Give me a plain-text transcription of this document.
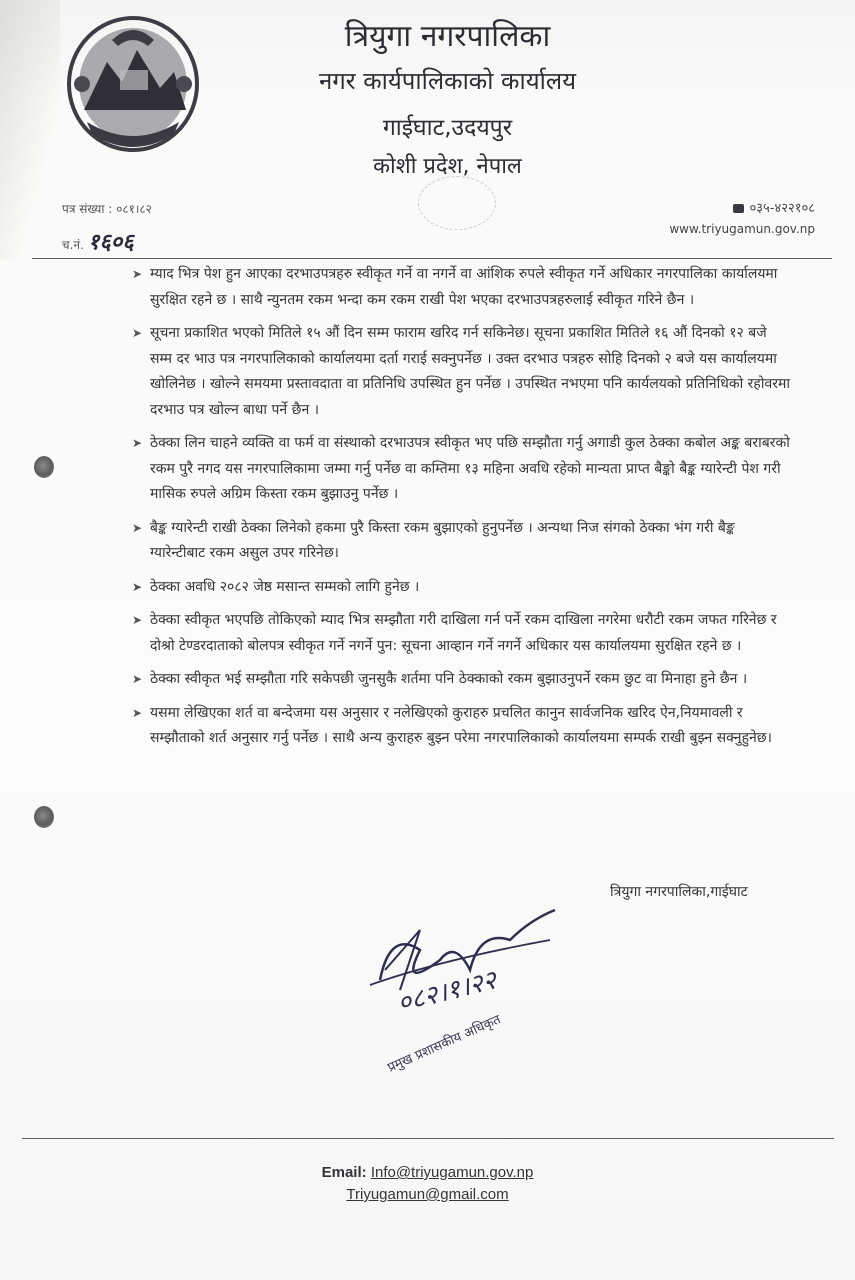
त्रियुगा नगरपालिका
नगर कार्यपालिकाको कार्यालय
गाईघाट,उदयपुर
कोशी प्रदेश, नेपाल
पत्र संख्या : ०८१।८२
च.नं. १६०६
०३५-४२२१०८
www.triyugamun.gov.np
➤ म्याद भित्र पेश हुन आएका दरभाउपत्रहरु स्वीकृत गर्ने वा नगर्ने वा आंशिक रुपले स्वीकृत गर्ने अधिकार नगरपालिका कार्यालयमा सुरक्षित रहने छ । साथै न्युनतम रकम भन्दा कम रकम राखी पेश भएका दरभाउपत्रहरुलाई स्वीकृत गरिने छैन ।
➤ सूचना प्रकाशित भएको मितिले १५ औं दिन सम्म फाराम खरिद गर्न सकिनेछ। सूचना प्रकाशित मितिले १६ औं दिनको १२ बजे सम्म दर भाउ पत्र नगरपालिकाको कार्यालयमा दर्ता गराई सक्नुपर्नेछ । उक्त दरभाउ पत्रहरु सोहि दिनको २ बजे यस कार्यालयमा खोलिनेछ । खोल्ने समयमा प्रस्तावदाता वा प्रतिनिधि उपस्थित हुन पर्नेछ । उपस्थित नभएमा पनि कार्यलयको प्रतिनिधिको रहोवरमा दरभाउ पत्र खोल्न बाधा पर्ने छैन ।
➤ ठेक्का लिन चाहने व्यक्ति वा फर्म वा संस्थाको दरभाउपत्र स्वीकृत भए पछि सम्झौता गर्नु अगाडी कुल ठेक्का कबोल अङ्क बराबरको रकम पुरै नगद यस नगरपालिकामा जम्मा गर्नु पर्नेछ वा कम्तिमा १३ महिना अवधि रहेको मान्यता प्राप्त बैङ्को बैङ्क ग्यारेन्टी पेश गरी मासिक रुपले अग्रिम किस्ता रकम बुझाउनु पर्नेछ ।
➤ बैङ्क ग्यारेन्टी राखी ठेक्का लिनेको हकमा पुरै किस्ता रकम बुझाएको हुनुपर्नेछ । अन्यथा निज संगको ठेक्का भंग गरी बैङ्क ग्यारेन्टीबाट रकम असुल उपर गरिनेछ।
➤ ठेक्का अवधि २०८२ जेष्ठ मसान्त सम्मको लागि हुनेछ ।
➤ ठेक्का स्वीकृत भएपछि तोकिएको म्याद भित्र सम्झौता गरी दाखिला गर्न पर्ने रकम दाखिला नगरेमा धरौटी रकम जफत गरिनेछ र दोश्रो टेण्डरदाताको बोलपत्र स्वीकृत गर्ने नगर्ने पुन: सूचना आव्हान गर्ने नगर्ने अधिकार यस कार्यालयमा सुरक्षित रहने छ ।
➤ ठेक्का स्वीकृत भई सम्झौता गरि सकेपछी जुनसुकै शर्तमा पनि ठेक्काको रकम बुझाउनुपर्ने रकम छुट वा मिनाहा हुने छैन ।
➤ यसमा लेखिएका शर्त वा बन्देजमा यस अनुसार र नलेखिएको कुराहरु प्रचलित कानुन सार्वजनिक खरिद ऐन,नियमावली र सम्झौताको शर्त अनुसार गर्नु पर्नेछ । साथै अन्य कुराहरु बुझ्न परेमा नगरपालिकाको कार्यालयमा सम्पर्क राखी बुझ्न सक्नुहुनेछ।
त्रियुगा नगरपालिका,गाईघाट
०८२।१।२२
प्रमुख प्रशासकीय अधिकृत
Email: Info@triyugamun.gov.np
Triyugamun@gmail.com
